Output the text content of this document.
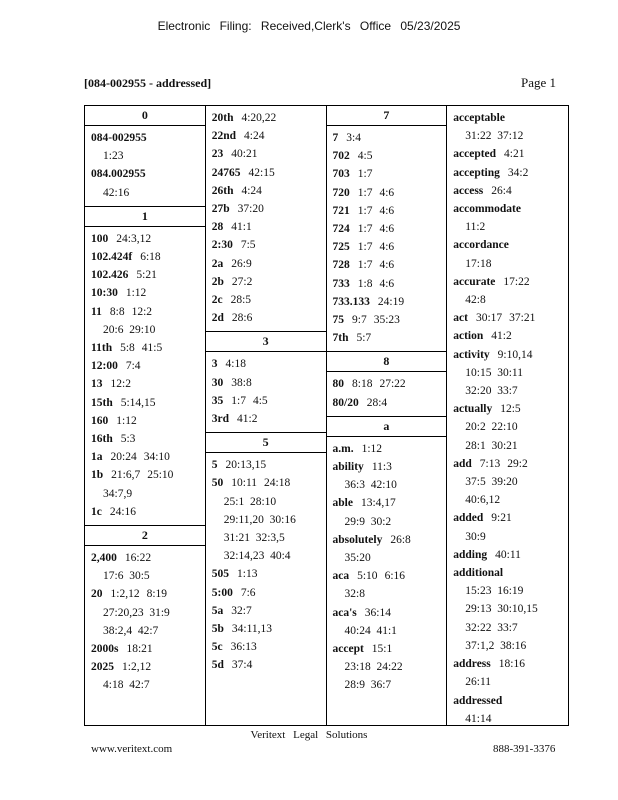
Electronic Filing: Received,Clerk's Office 05/23/2025
[084-002955 - addressed]	Page 1
0
084-002955
1:23
084.002955
42:16
1
100 24:3,12
102.424f 6:18
102.426 5:21
10:30 1:12
11 8:8 12:2
20:6  29:10
11th 5:8 41:5
12:00 7:4
13 12:2
15th 5:14,15
160 1:12
16th 5:3
1a 20:24 34:10
1b 21:6,7 25:10
34:7,9
1c 24:16
2
2,400 16:22
17:6  30:5
20 1:2,12 8:19
27:20,23  31:9
38:2,4  42:7
2000s 18:21
2025 1:2,12
4:18  42:7
20th 4:20,22
22nd 4:24
23 40:21
24765 42:15
26th 4:24
27b 37:20
28 41:1
2:30 7:5
2a 26:9
2b 27:2
2c 28:5
2d 28:6
3
3 4:18
30 38:8
35 1:7 4:5
3rd 41:2
5
5 20:13,15
50 10:11 24:18
25:1  28:10
29:11,20  30:16
31:21  32:3,5
32:14,23  40:4
505 1:13
5:00 7:6
5a 32:7
5b 34:11,13
5c 36:13
5d 37:4
7
7 3:4
702 4:5
703 1:7
720 1:7 4:6
721 1:7 4:6
724 1:7 4:6
725 1:7 4:6
728 1:7 4:6
733 1:8 4:6
733.133 24:19
75 9:7 35:23
7th 5:7
8
80 8:18 27:22
80/20 28:4
a
a.m. 1:12
ability 11:3
36:3  42:10
able 13:4,17
29:9  30:2
absolutely 26:8
35:20
aca 5:10 6:16
32:8
aca's 36:14
40:24  41:1
accept 15:1
23:18  24:22
28:9  36:7
acceptable
31:22  37:12
accepted 4:21
accepting 34:2
access 26:4
accommodate
11:2
accordance
17:18
accurate 17:22
42:8
act 30:17 37:21
action 41:2
activity 9:10,14
10:15  30:11
32:20  33:7
actually 12:5
20:2  22:10
28:1  30:21
add 7:13 29:2
37:5  39:20
40:6,12
added 9:21
30:9
adding 40:11
additional
15:23  16:19
29:13  30:10,15
32:22  33:7
37:1,2  38:16
address 18:16
26:11
addressed
41:14
Veritext Legal Solutions
www.veritext.com	888-391-3376
